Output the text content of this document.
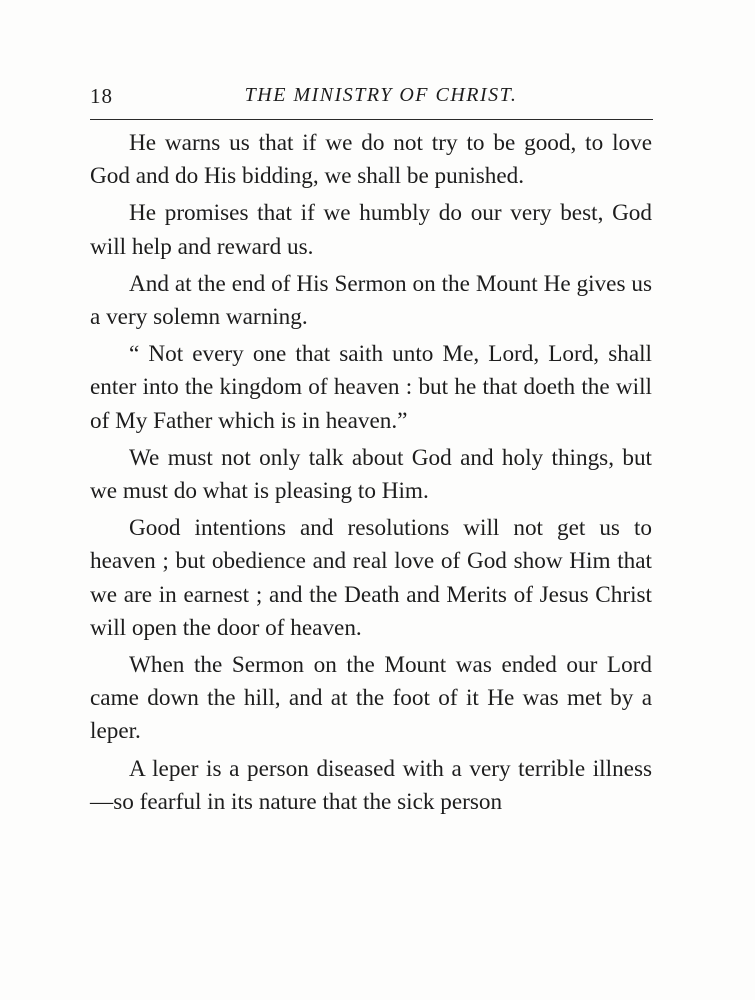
18	THE MINISTRY OF CHRIST.

He warns us that if we do not try to be good, to love God and do His bidding, we shall be punished.

He promises that if we humbly do our very best, God will help and reward us.

And at the end of His Sermon on the Mount He gives us a very solemn warning.

“ Not every one that saith unto Me, Lord, Lord, shall enter into the kingdom of heaven : but he that doeth the will of My Father which is in heaven.”

We must not only talk about God and holy things, but we must do what is pleasing to Him.

Good intentions and resolutions will not get us to heaven ; but obedience and real love of God show Him that we are in earnest ; and the Death and Merits of Jesus Christ will open the door of heaven.

When the Sermon on the Mount was ended our Lord came down the hill, and at the foot of it He was met by a leper.

A leper is a person diseased with a very terrible illness—so fearful in its nature that the sick person
